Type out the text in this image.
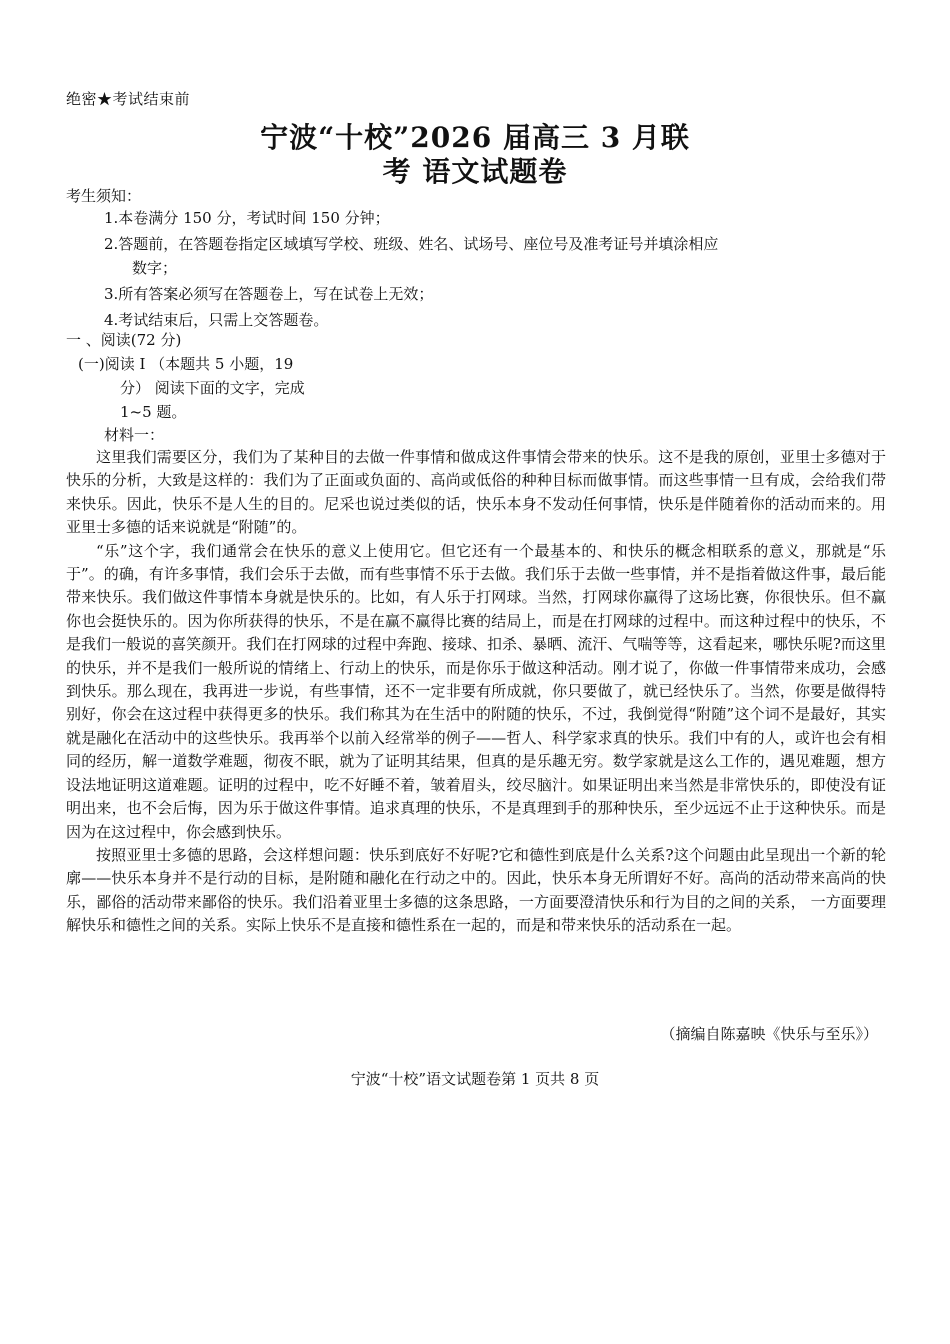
绝密★考试结束前
宁波“十校”2026 届高三 3 月联
考 语文试题卷
考生须知：
1.本卷满分 150 分，考试时间 150 分钟；
2.答题前，在答题卷指定区域填写学校、班级、姓名、试场号、座位号及准考证号并填涂相应
数字；
3.所有答案必须写在答题卷上，写在试卷上无效；
4.考试结束后，只需上交答题卷。
一 、阅读(72 分)
(一)阅读 I （本题共 5 小题，19
分） 阅读下面的文字，完成
1~5 题。
材料一：

这里我们需要区分，我们为了某种目的去做一件事情和做成这件事情会带来的快乐。这不是我的原创，亚里士多德对于快乐的分析，大致是这样的：我们为了正面或负面的、高尚或低俗的种种目标而做事情。而这些事情一旦有成，会给我们带来快乐。因此，快乐不是人生的目的。尼采也说过类似的话，快乐本身不发动任何事情，快乐是伴随着你的活动而来的。用亚里士多德的话来说就是“附随”的。

“乐”这个字，我们通常会在快乐的意义上使用它。但它还有一个最基本的、和快乐的概念相联系的意义，那就是“乐于”。的确，有许多事情，我们会乐于去做，而有些事情不乐于去做。我们乐于去做一些事情，并不是指着做这件事，最后能带来快乐。我们做这件事情本身就是快乐的。比如，有人乐于打网球。当然，打网球你赢得了这场比赛，你很快乐。但不赢你也会挺快乐的。因为你所获得的快乐，不是在赢不赢得比赛的结局上，而是在打网球的过程中。而这种过程中的快乐，不是我们一般说的喜笑颜开。我们在打网球的过程中奔跑、接球、扣杀、暴晒、流汗、气喘等等，这看起来，哪快乐呢?而这里的快乐，并不是我们一般所说的情绪上、行动上的快乐，而是你乐于做这种活动。刚才说了，你做一件事情带来成功，会感到快乐。那么现在，我再进一步说，有些事情，还不一定非要有所成就，你只要做了，就已经快乐了。当然，你要是做得特别好，你会在这过程中获得更多的快乐。我们称其为在生活中的附随的快乐，不过，我倒觉得“附随”这个词不是最好，其实就是融化在活动中的这些快乐。我再举个以前入经常举的例子——哲人、科学家求真的快乐。我们中有的人，或许也会有相同的经历，解一道数学难题，彻夜不眠，就为了证明其结果，但真的是乐趣无穷。数学家就是这么工作的，遇见难题，想方设法地证明这道难题。证明的过程中，吃不好睡不着，皱着眉头，绞尽脑汁。如果证明出来当然是非常快乐的，即使没有证明出来，也不会后悔，因为乐于做这件事情。追求真理的快乐，不是真理到手的那种快乐，至少远远不止于这种快乐。而是因为在这过程中，你会感到快乐。

按照亚里士多德的思路，会这样想问题：快乐到底好不好呢?它和德性到底是什么关系?这个问题由此呈现出一个新的轮廓——快乐本身并不是行动的目标，是附随和融化在行动之中的。因此，快乐本身无所谓好不好。高尚的活动带来高尚的快乐，鄙俗的活动带来鄙俗的快乐。我们沿着亚里士多德的这条思路，一方面要澄清快乐和行为目的之间的关系， 一方面要理解快乐和德性之间的关系。实际上快乐不是直接和德性系在一起的，而是和带来快乐的活动系在一起。

（摘编自陈嘉映《快乐与至乐》）
宁波“十校”语文试题卷第 1 页共 8 页
